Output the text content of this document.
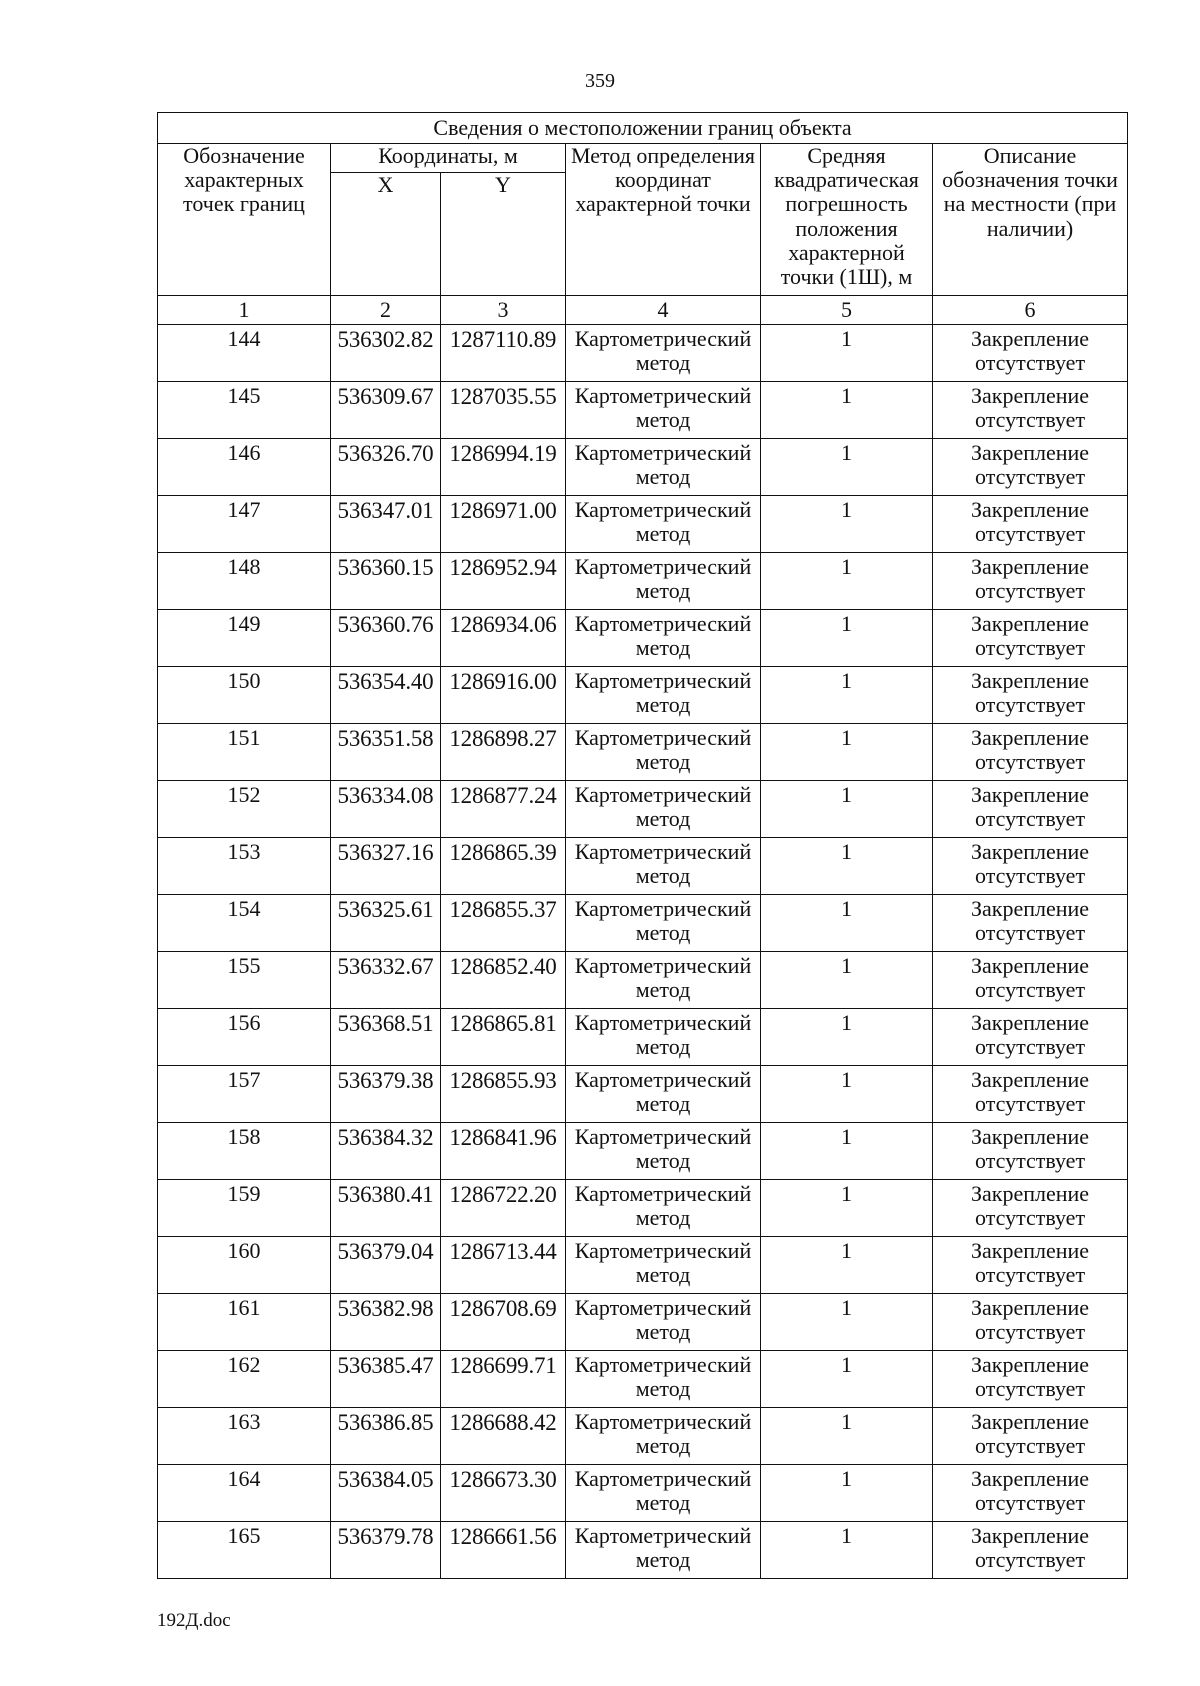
359
Сведения о местоположении границ объекта					
Обозначение характерных точек границ	Координаты, м		Метод определения координат характерной точки	Средняя квадратическая погрешность положения характерной точки (1Ш), м	Описание обозначения точки на местности (при наличии)
	X	Y			
1	2	3	4	5	6
144	536302.82	1287110.89	Картометрический метод	1	Закрепление отсутствует
145	536309.67	1287035.55	Картометрический метод	1	Закрепление отсутствует
146	536326.70	1286994.19	Картометрический метод	1	Закрепление отсутствует
147	536347.01	1286971.00	Картометрический метод	1	Закрепление отсутствует
148	536360.15	1286952.94	Картометрический метод	1	Закрепление отсутствует
149	536360.76	1286934.06	Картометрический метод	1	Закрепление отсутствует
150	536354.40	1286916.00	Картометрический метод	1	Закрепление отсутствует
151	536351.58	1286898.27	Картометрический метод	1	Закрепление отсутствует
152	536334.08	1286877.24	Картометрический метод	1	Закрепление отсутствует
153	536327.16	1286865.39	Картометрический метод	1	Закрепление отсутствует
154	536325.61	1286855.37	Картометрический метод	1	Закрепление отсутствует
155	536332.67	1286852.40	Картометрический метод	1	Закрепление отсутствует
156	536368.51	1286865.81	Картометрический метод	1	Закрепление отсутствует
157	536379.38	1286855.93	Картометрический метод	1	Закрепление отсутствует
158	536384.32	1286841.96	Картометрический метод	1	Закрепление отсутствует
159	536380.41	1286722.20	Картометрический метод	1	Закрепление отсутствует
160	536379.04	1286713.44	Картометрический метод	1	Закрепление отсутствует
161	536382.98	1286708.69	Картометрический метод	1	Закрепление отсутствует
162	536385.47	1286699.71	Картометрический метод	1	Закрепление отсутствует
163	536386.85	1286688.42	Картометрический метод	1	Закрепление отсутствует
164	536384.05	1286673.30	Картометрический метод	1	Закрепление отсутствует
165	536379.78	1286661.56	Картометрический метод	1	Закрепление отсутствует
192Д.doc
